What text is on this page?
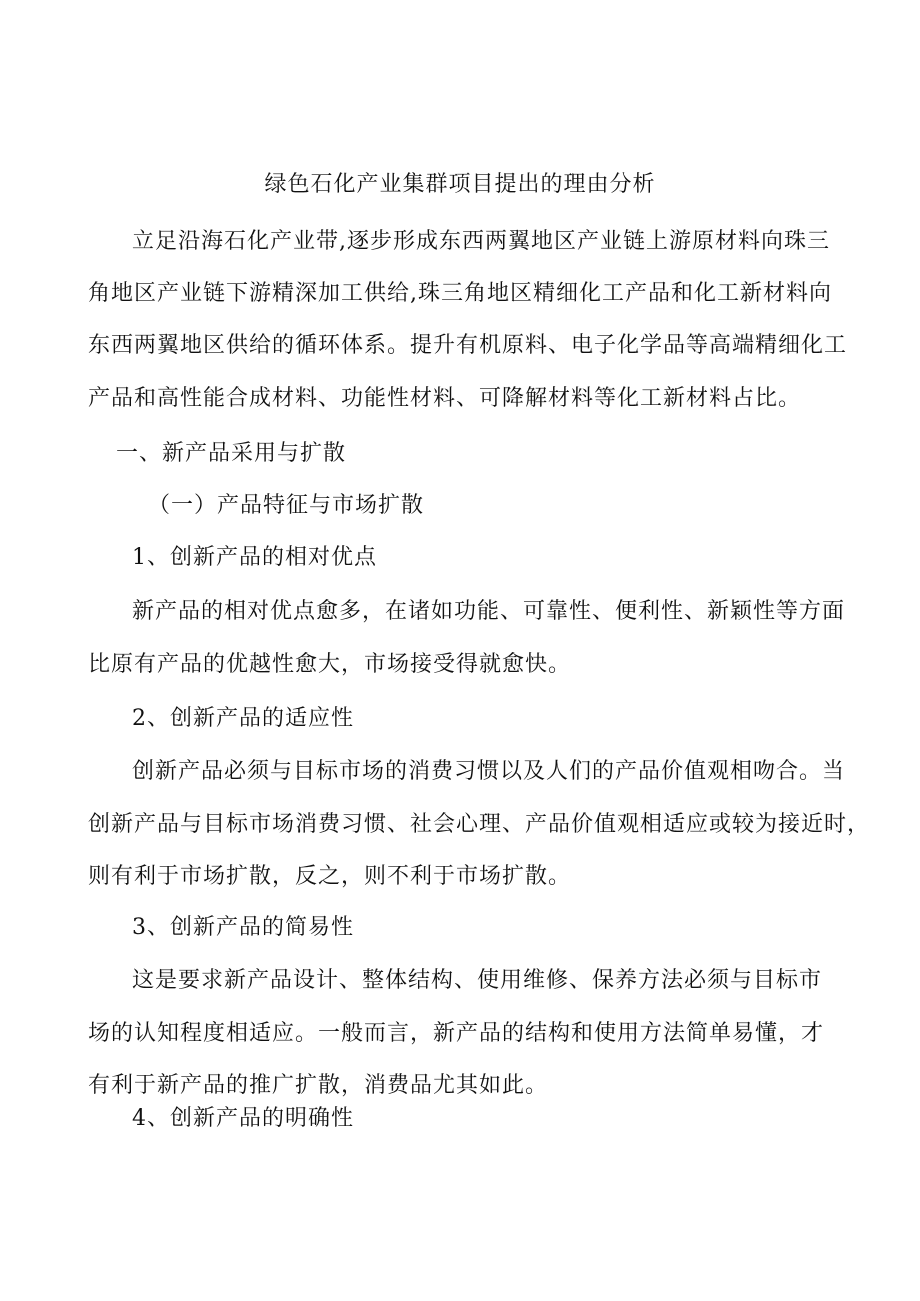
绿色石化产业集群项目提出的理由分析
立足沿海石化产业带,逐步形成东西两翼地区产业链上游原材料向珠三
角地区产业链下游精深加工供给,珠三角地区精细化工产品和化工新材料向
东西两翼地区供给的循环体系。提升有机原料、电子化学品等高端精细化工
产品和高性能合成材料、功能性材料、可降解材料等化工新材料占比。
一、新产品采用与扩散
（一）产品特征与市场扩散
1、创新产品的相对优点
新产品的相对优点愈多，在诸如功能、可靠性、便利性、新颖性等方面
比原有产品的优越性愈大，市场接受得就愈快。
2、创新产品的适应性
创新产品必须与目标市场的消费习惯以及人们的产品价值观相吻合。当
创新产品与目标市场消费习惯、社会心理、产品价值观相适应或较为接近时，
则有利于市场扩散，反之，则不利于市场扩散。
3、创新产品的简易性
这是要求新产品设计、整体结构、使用维修、保养方法必须与目标市
场的认知程度相适应。一般而言，新产品的结构和使用方法简单易懂，才
有利于新产品的推广扩散，消费品尤其如此。
4、创新产品的明确性
